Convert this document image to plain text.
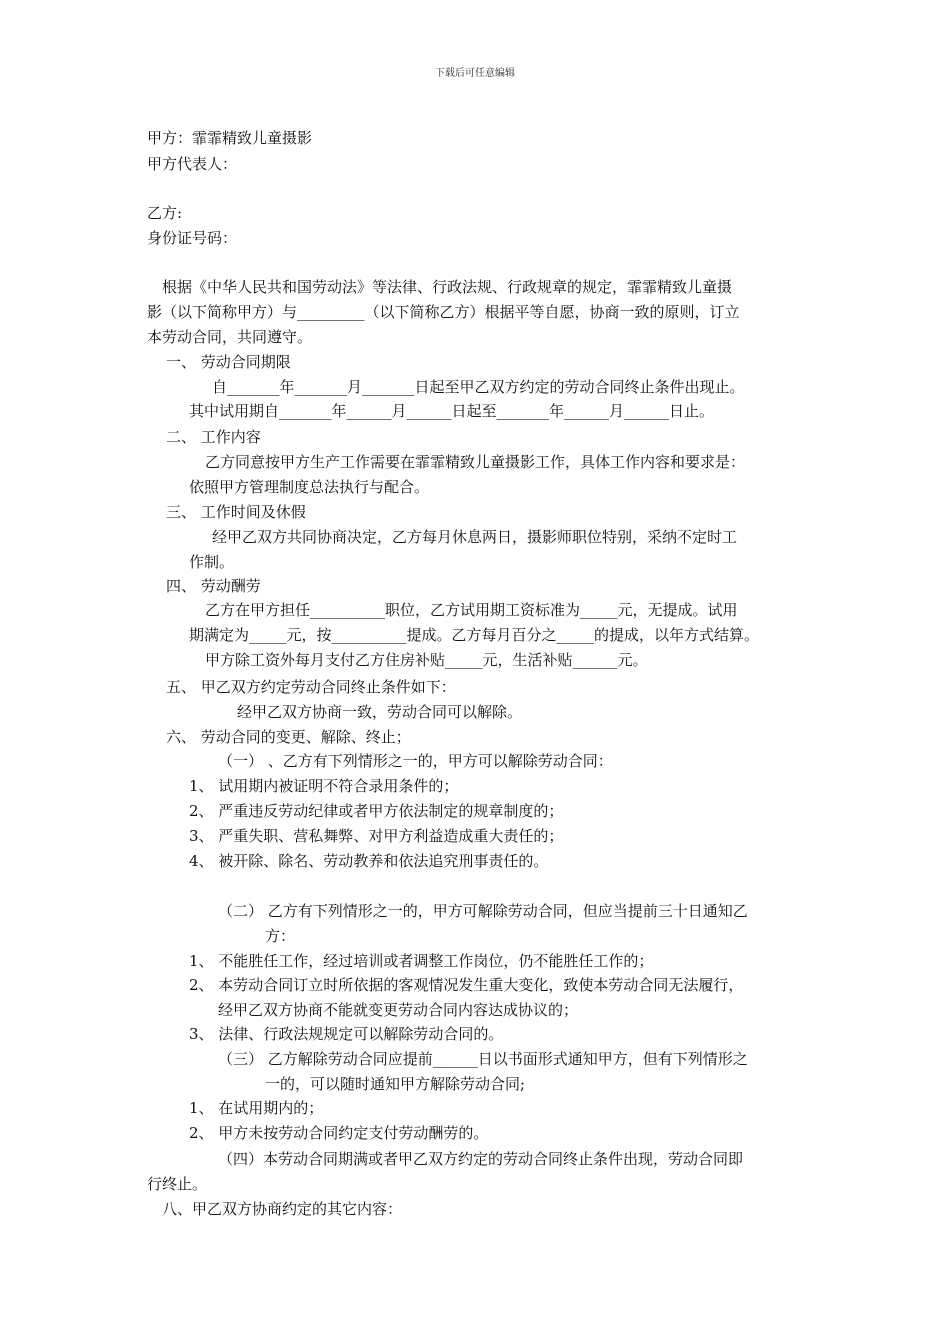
下载后可任意编辑
甲方：霏霏精致儿童摄影
甲方代表人：
乙方:
身份证号码：
根据《中华人民共和国劳动法》等法律、行政法规、行政规章的规定，霏霏精致儿童摄
影（以下简称甲方）与_________（以下简称乙方）根据平等自愿，协商一致的原则，订立
本劳动合同，共同遵守。
一、 劳动合同期限
自_______年_______月_______日起至甲乙双方约定的劳动合同终止条件出现止。
其中试用期自_______年______月______日起至_______年______月______日止。
二、 工作内容
乙方同意按甲方生产工作需要在霏霏精致儿童摄影工作，具体工作内容和要求是：
依照甲方管理制度总法执行与配合。
三、 工作时间及休假
经甲乙双方共同协商决定，乙方每月休息两日，摄影师职位特别，采纳不定时工
作制。
四、 劳动酬劳
乙方在甲方担任__________职位，乙方试用期工资标准为_____元，无提成。试用
期满定为_____元，按__________提成。乙方每月百分之_____的提成，以年方式结算。
甲方除工资外每月支付乙方住房补贴_____元，生活补贴______元。
五、 甲乙双方约定劳动合同终止条件如下：
经甲乙双方协商一致，劳动合同可以解除。
六、 劳动合同的变更、解除、终止；
（一） 、乙方有下列情形之一的，甲方可以解除劳动合同：
1、 试用期内被证明不符合录用条件的；
2、 严重违反劳动纪律或者甲方依法制定的规章制度的；
3、 严重失职、营私舞弊、对甲方利益造成重大责任的；
4、 被开除、除名、劳动教养和依法追究刑事责任的。
（二） 乙方有下列情形之一的，甲方可解除劳动合同，但应当提前三十日通知乙
方：
1、 不能胜任工作，经过培训或者调整工作岗位，仍不能胜任工作的；
2、 本劳动合同订立时所依据的客观情况发生重大变化，致使本劳动合同无法履行，
经甲乙双方协商不能就变更劳动合同内容达成协议的；
3、 法律、行政法规规定可以解除劳动合同的。
（三） 乙方解除劳动合同应提前______日以书面形式通知甲方，但有下列情形之
一的，可以随时通知甲方解除劳动合同;
1、 在试用期内的；
2、 甲方未按劳动合同约定支付劳动酬劳的。
（四）本劳动合同期满或者甲乙双方约定的劳动合同终止条件出现，劳动合同即
行终止。
八、甲乙双方协商约定的其它内容：
